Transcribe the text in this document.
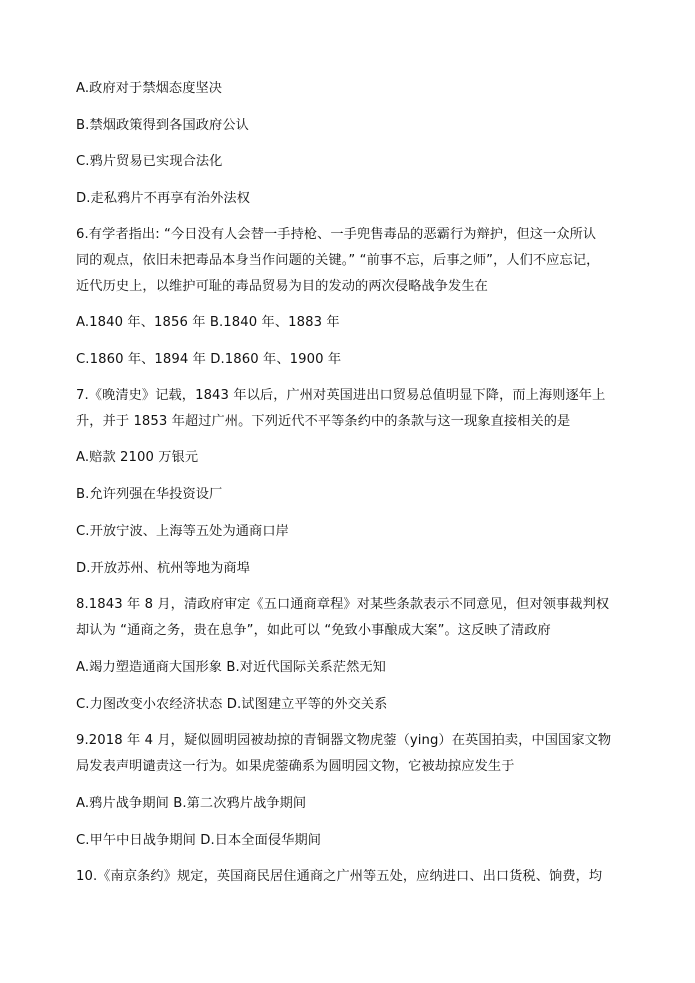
A.政府对于禁烟态度坚决
B.禁烟政策得到各国政府公认
C.鸦片贸易已实现合法化
D.走私鸦片不再享有治外法权
6.有学者指出: “今日没有人会替一手持枪、一手兜售毒品的恶霸行为辩护，但这一众所认
同的观点，依旧未把毒品本身当作问题的关键。” “前事不忘，后事之师”，人们不应忘记，
近代历史上，以维护可耻的毒品贸易为目的发动的两次侵略战争发生在
A.1840 年、1856 年 B.1840 年、1883 年
C.1860 年、1894 年 D.1860 年、1900 年
7.《晚清史》记载，1843 年以后，广州对英国进出口贸易总值明显下降，而上海则逐年上
升，并于 1853 年超过广州。下列近代不平等条约中的条款与这一现象直接相关的是
A.赔款 2100 万银元
B.允许列强在华投资设厂
C.开放宁波、上海等五处为通商口岸
D.开放苏州、杭州等地为商埠
8.1843 年 8 月，清政府审定《五口通商章程》对某些条款表示不同意见，但对领事裁判权
却认为 “通商之务，贵在息争”，如此可以 “免致小事酿成大案”。这反映了清政府
A.竭力塑造通商大国形象 B.对近代国际关系茫然无知
C.力图改变小农经济状态 D.试图建立平等的外交关系
9.2018 年 4 月，疑似圆明园被劫掠的青铜器文物虎蓥（ying）在英国拍卖，中国国家文物
局发表声明谴责这一行为。如果虎蓥确系为圆明园文物，它被劫掠应发生于
A.鸦片战争期间 B.第二次鸦片战争期间
C.甲午中日战争期间 D.日本全面侵华期间
10.《南京条约》规定，英国商民居住通商之广州等五处，应纳进口、出口货税、饷费，均
